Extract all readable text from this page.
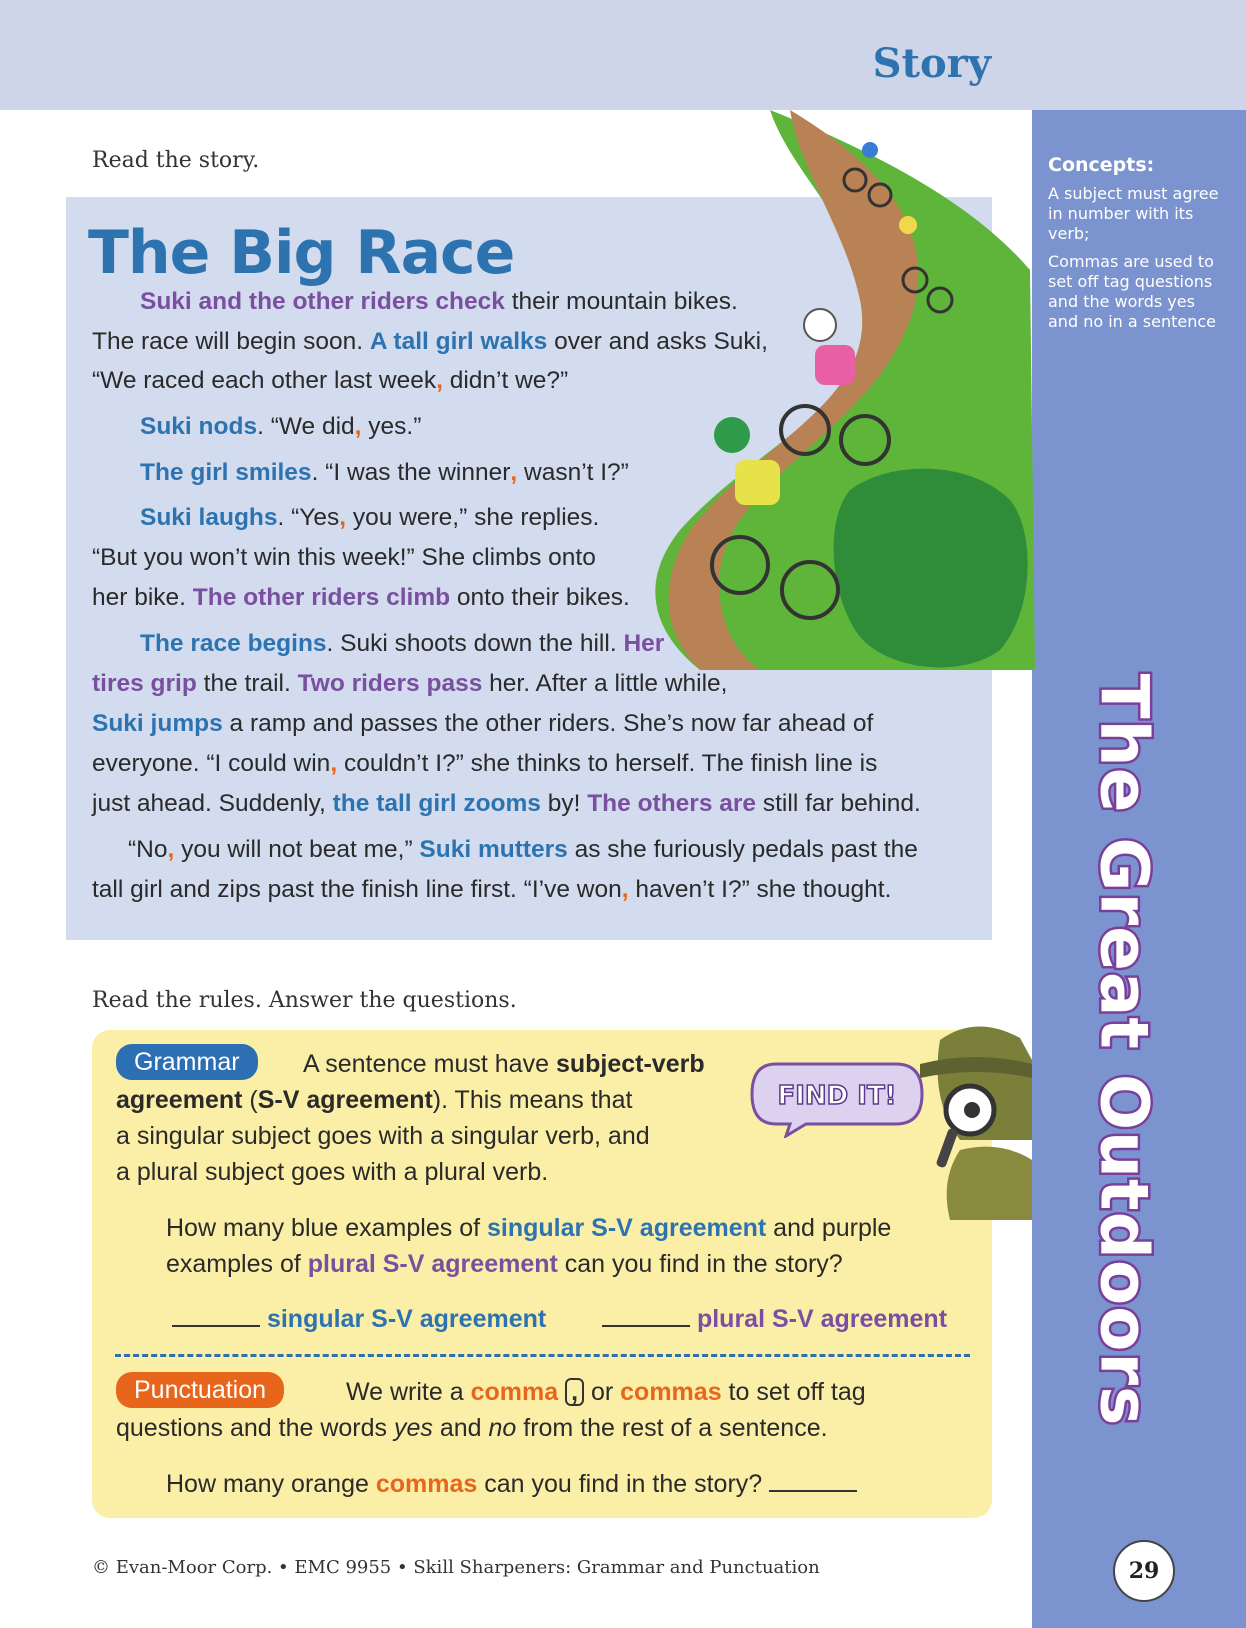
Story
Concepts:
A subject must agree in number with its verb;
Commas are used to set off tag questions and the words yes and no in a sentence
The Great Outdoors
29
Read the story.
The Big Race
Suki and the other riders check their mountain bikes.
The race will begin soon. A tall girl walks over and asks Suki,
“We raced each other last week, didn’t we?”
Suki nods. “We did, yes.”
The girl smiles. “I was the winner, wasn’t I?”
Suki laughs. “Yes, you were,” she replies.
“But you won’t win this week!” She climbs onto
her bike. The other riders climb onto their bikes.
The race begins. Suki shoots down the hill. Her
tires grip the trail. Two riders pass her. After a little while,
Suki jumps a ramp and passes the other riders. She’s now far ahead of
everyone. “I could win, couldn’t I?” she thinks to herself. The finish line is
just ahead. Suddenly, the tall girl zooms by! The others are still far behind.
“No, you will not beat me,” Suki mutters as she furiously pedals past the
tall girl and zips past the finish line first. “I’ve won, haven’t I?” she thought.
Read the rules. Answer the questions.
Grammar	A sentence must have subject-verb
agreement (S-V agreement). This means that
a singular subject goes with a singular verb, and
a plural subject goes with a plural verb.
How many blue examples of singular S-V agreement and purple
examples of plural S-V agreement can you find in the story?
singular S-V agreement	plural S-V agreement
Punctuation	We write a comma , or commas to set off tag
questions and the words yes and no from the rest of a sentence.
How many orange commas can you find in the story?
FIND IT!
© Evan-Moor Corp. • EMC 9955 • Skill Sharpeners: Grammar and Punctuation
